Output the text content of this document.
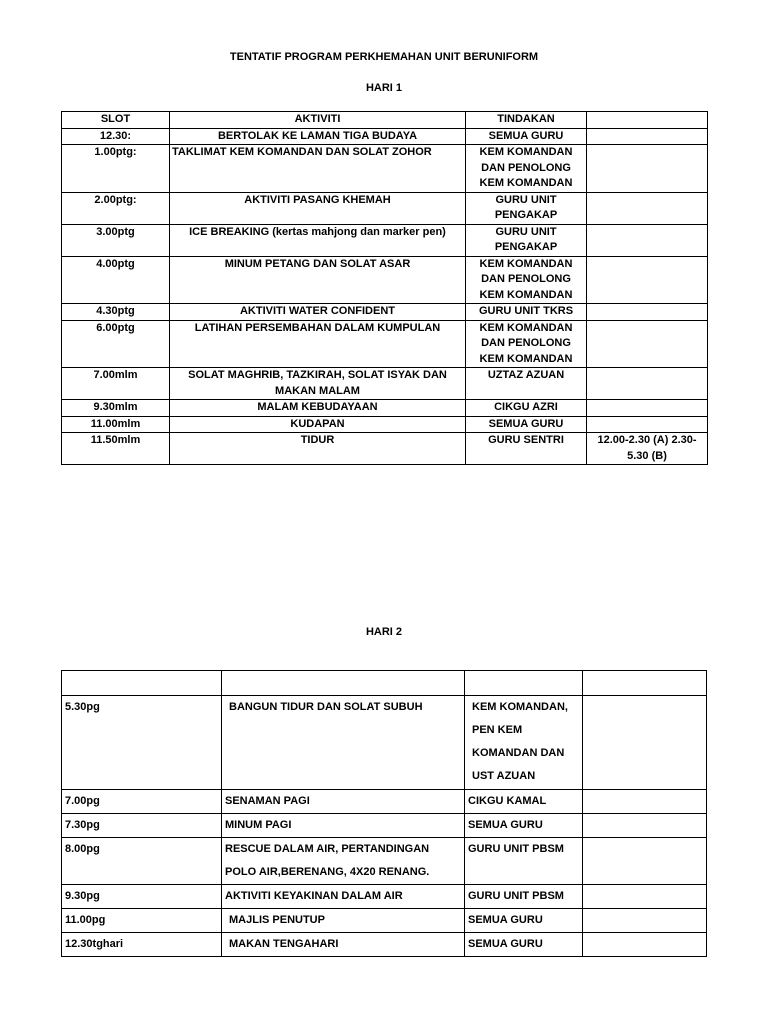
TENTATIF PROGRAM PERKHEMAHAN UNIT BERUNIFORM
HARI 1
SLOT	AKTIVITI	TINDAKAN	
12.30:	BERTOLAK KE LAMAN TIGA BUDAYA	SEMUA GURU	
1.00ptg:	TAKLIMAT KEM KOMANDAN DAN SOLAT ZOHOR	KEM KOMANDAN DAN PENOLONG KEM KOMANDAN	
2.00ptg:	AKTIVITI PASANG KHEMAH	GURU UNIT PENGAKAP	
3.00ptg	ICE BREAKING (kertas mahjong dan marker pen)	GURU UNIT PENGAKAP	
4.00ptg	MINUM PETANG DAN SOLAT ASAR	KEM KOMANDAN DAN PENOLONG KEM KOMANDAN	
4.30ptg	AKTIVITI WATER CONFIDENT	GURU UNIT TKRS	
6.00ptg	LATIHAN PERSEMBAHAN DALAM KUMPULAN	KEM KOMANDAN DAN PENOLONG KEM KOMANDAN	
7.00mlm	SOLAT MAGHRIB, TAZKIRAH, SOLAT ISYAK DAN MAKAN MALAM	UZTAZ AZUAN	
9.30mlm	MALAM KEBUDAYAAN	CIKGU AZRI	
11.00mlm	KUDAPAN	SEMUA GURU	
11.50mlm	TIDUR	GURU SENTRI	12.00-2.30 (A) 2.30-5.30 (B)
HARI 2

5.30pg	BANGUN TIDUR DAN SOLAT SUBUH	KEM KOMANDAN, PEN KEM KOMANDAN DAN UST AZUAN	
7.00pg	SENAMAN PAGI	CIKGU KAMAL	
7.30pg	MINUM PAGI	SEMUA GURU	
8.00pg	RESCUE DALAM AIR, PERTANDINGAN POLO AIR,BERENANG, 4X20 RENANG.	GURU UNIT PBSM	
9.30pg	AKTIVITI KEYAKINAN DALAM AIR	GURU UNIT PBSM	
11.00pg	MAJLIS PENUTUP	SEMUA GURU	
12.30tghari	MAKAN TENGAHARI	SEMUA GURU	
